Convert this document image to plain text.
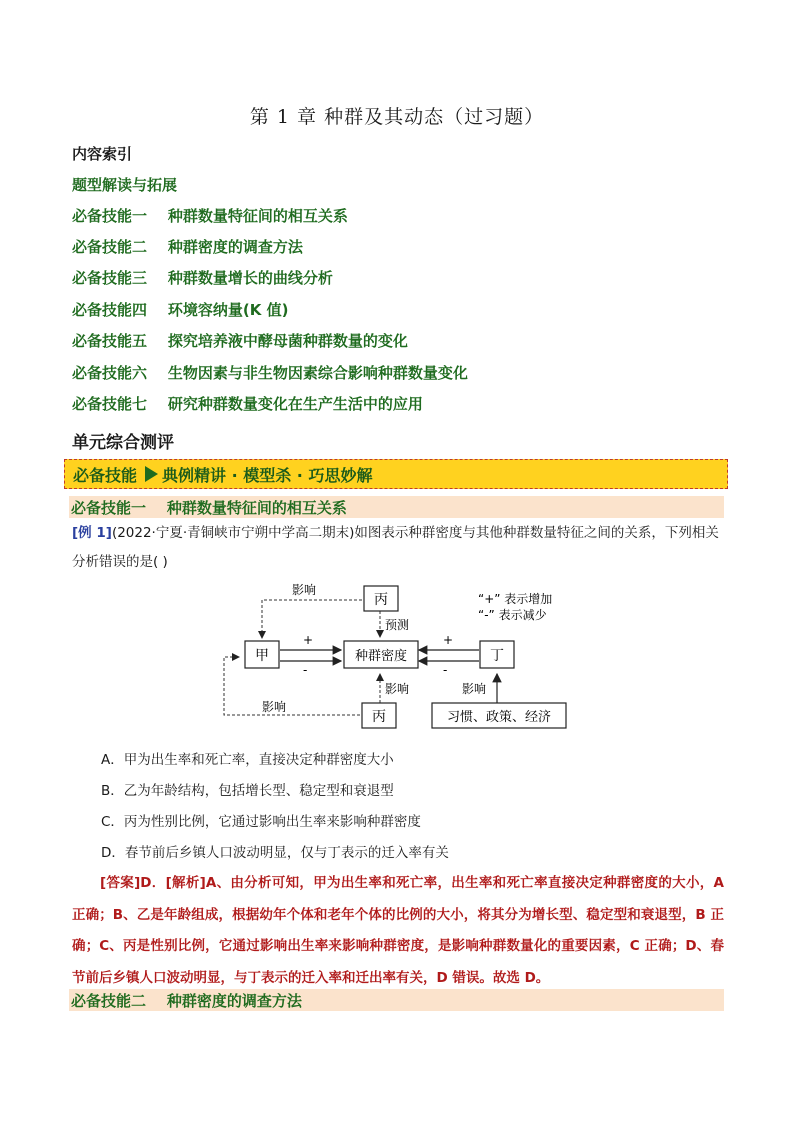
第 1 章 种群及其动态（过习题）
内容索引
题型解读与拓展
必备技能一    种群数量特征间的相互关系
必备技能二    种群密度的调查方法
必备技能三    种群数量增长的曲线分析
必备技能四    环境容纳量(K 值)
必备技能五    探究培养液中酵母菌种群数量的变化
必备技能六    生物因素与非生物因素综合影响种群数量变化
必备技能七    研究种群数量变化在生产生活中的应用
单元综合测评
必备技能 典例精讲 · 模型杀 · 巧思妙解
必备技能一    种群数量特征间的相互关系
[例 1](2022·宁夏·青铜峡市宁朔中学高二期末)如图表示种群密度与其他种群数量特征之间的关系，下列相关分析错误的是( )
甲
丙
种群密度	丁
丙	习惯、政策、经济
影响
影响
预测
影响	影响
+
-
+
-
“+” 表示增加
“-” 表示减少
A．甲为出生率和死亡率，直接决定种群密度大小
B．乙为年龄结构，包括增长型、稳定型和衰退型
C．丙为性别比例，它通过影响出生率来影响种群密度
D．春节前后乡镇人口波动明显，仅与丁表示的迁入率有关
[答案]D．[解析]A、由分析可知，甲为出生率和死亡率，出生率和死亡率直接决定种群密度的大小，A 正确；B、乙是年龄组成，根据幼年个体和老年个体的比例的大小，将其分为增长型、稳定型和衰退型，B 正确；C、丙是性别比例，它通过影响出生率来影响种群密度，是影响种群数量化的重要因素，C 正确；D、春节前后乡镇人口波动明显，与丁表示的迁入率和迁出率有关，D 错误。故选 D。
必备技能二    种群密度的调查方法
